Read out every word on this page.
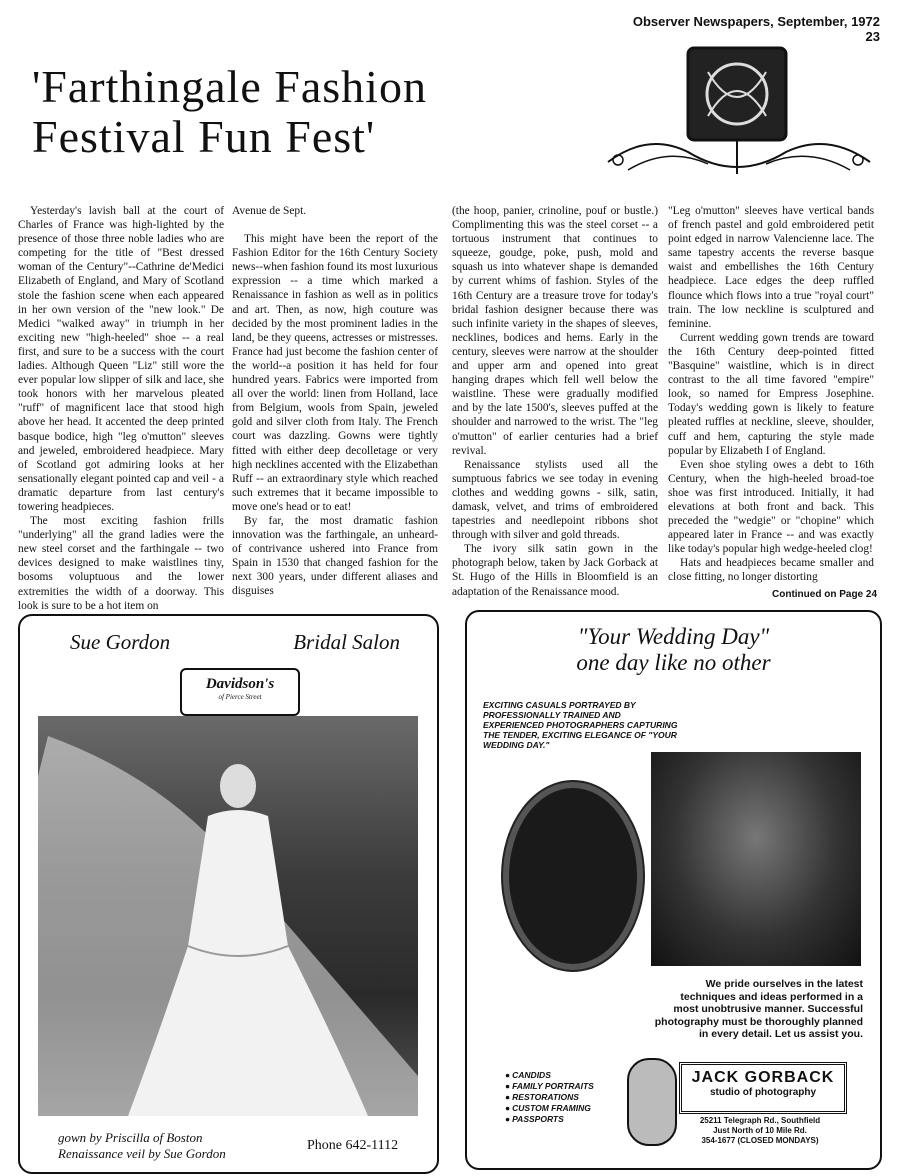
Observer Newspapers, September, 1972 23
'Farthingale Fashion
Festival Fun Fest'

Yesterday's lavish ball at the court of Charles of France was high-lighted by the presence of those three noble ladies who are competing for the title of "Best dressed woman of the Century"--Cathrine de'Medici Elizabeth of England, and Mary of Scotland stole the fashion scene when each appeared in her own version of the "new look." De Medici "walked away" in triumph in her exciting new "high-heeled" shoe -- a real first, and sure to be a success with the court ladies. Although Queen "Liz" still wore the ever popular low slipper of silk and lace, she took honors with her marvelous pleated "ruff" of magnificent lace that stood high above her head. It accented the deep printed basque bodice, high "leg o'mutton" sleeves and jeweled, embroidered headpiece. Mary of Scotland got admiring looks at her sensationally elegant pointed cap and veil - a dramatic departure from last century's towering headpieces.

The most exciting fashion frills "underlying" all the grand ladies were the new steel corset and the farthingale -- two devices designed to make waistlines tiny, bosoms voluptuous and the lower extremities the width of a doorway. This look is sure to be a hot item on

Avenue de Sept.

This might have been the report of the Fashion Editor for the 16th Century Society news--when fashion found its most luxurious expression -- a time which marked a Renaissance in fashion as well as in politics and art. Then, as now, high couture was decided by the most prominent ladies in the land, be they queens, actresses or mistresses. France had just become the fashion center of the world--a position it has held for four hundred years. Fabrics were imported from all over the world: linen from Holland, lace from Belgium, wools from Spain, jeweled gold and silver cloth from Italy. The French court was dazzling. Gowns were tightly fitted with either deep decolletage or very high necklines accented with the Elizabethan Ruff -- an extraordinary style which reached such extremes that it became impossible to move one's head or to eat!

By far, the most dramatic fashion innovation was the farthingale, an unheard-of contrivance ushered into France from Spain in 1530 that changed fashion for the next 300 years, under different aliases and disguises

(the hoop, panier, crinoline, pouf or bustle.) Complimenting this was the steel corset -- a tortuous instrument that continues to squeeze, goudge, poke, push, mold and squash us into whatever shape is demanded by current whims of fashion. Styles of the 16th Century are a treasure trove for today's bridal fashion designer because there was such infinite variety in the shapes of sleeves, necklines, bodices and hems. Early in the century, sleeves were narrow at the shoulder and upper arm and opened into great hanging drapes which fell well below the waistline. These were gradually modified and by the late 1500's, sleeves puffed at the shoulder and narrowed to the wrist. The "leg o'mutton" of earlier centuries had a brief revival.

Renaissance stylists used all the sumptuous fabrics we see today in evening clothes and wedding gowns - silk, satin, damask, velvet, and trims of embroidered tapestries and needlepoint ribbons shot through with silver and gold threads.

The ivory silk satin gown in the photograph below, taken by Jack Gorback at St. Hugo of the Hills in Bloomfield is an adaptation of the Renaissance mood.

"Leg o'mutton" sleeves have vertical bands of french pastel and gold embroidered petit point edged in narrow Valencienne lace. The same tapestry accents the reverse basque waist and embellishes the 16th Century headpiece. Lace edges the deep ruffled flounce which flows into a true "royal court" train. The low neckline is sculptured and feminine.

Current wedding gown trends are toward the 16th Century deep-pointed fitted "Basquine" waistline, which is in direct contrast to the all time favored "empire" look, so named for Empress Josephine. Today's wedding gown is likely to feature pleated ruffles at neckline, sleeve, shoulder, cuff and hem, capturing the style made popular by Elizabeth I of England.

Even shoe styling owes a debt to 16th Century, when the high-heeled broad-toe shoe was first introduced. Initially, it had elevations at both front and back. This preceded the "wedgie" or "chopine" which appeared later in France -- and was exactly like today's popular high wedge-heeled clog!

Hats and headpieces became smaller and close fitting, no longer distorting

Continued on Page 24
Sue Gordon	Bridal Salon
Davidson's
of Pierce Street
gown by Priscilla of Boston
Renaissance veil by Sue Gordon
Phone 642-1112
"Your Wedding Day"
one day like no other
EXCITING CASUALS PORTRAYED BY PROFESSIONALLY TRAINED AND EXPERIENCED PHOTOGRAPHERS CAPTURING THE TENDER, EXCITING ELEGANCE OF "YOUR WEDDING DAY."
We pride ourselves in the latest techniques and ideas performed in a most unobtrusive manner. Successful photography must be thoroughly planned in every detail. Let us assist you.
● CANDIDS
● FAMILY PORTRAITS
● RESTORATIONS
● CUSTOM FRAMING
● PASSPORTS
JACK GORBACK
studio of photography
25211 Telegraph Rd., Southfield
Just North of 10 Mile Rd.
354-1677 (CLOSED MONDAYS)
